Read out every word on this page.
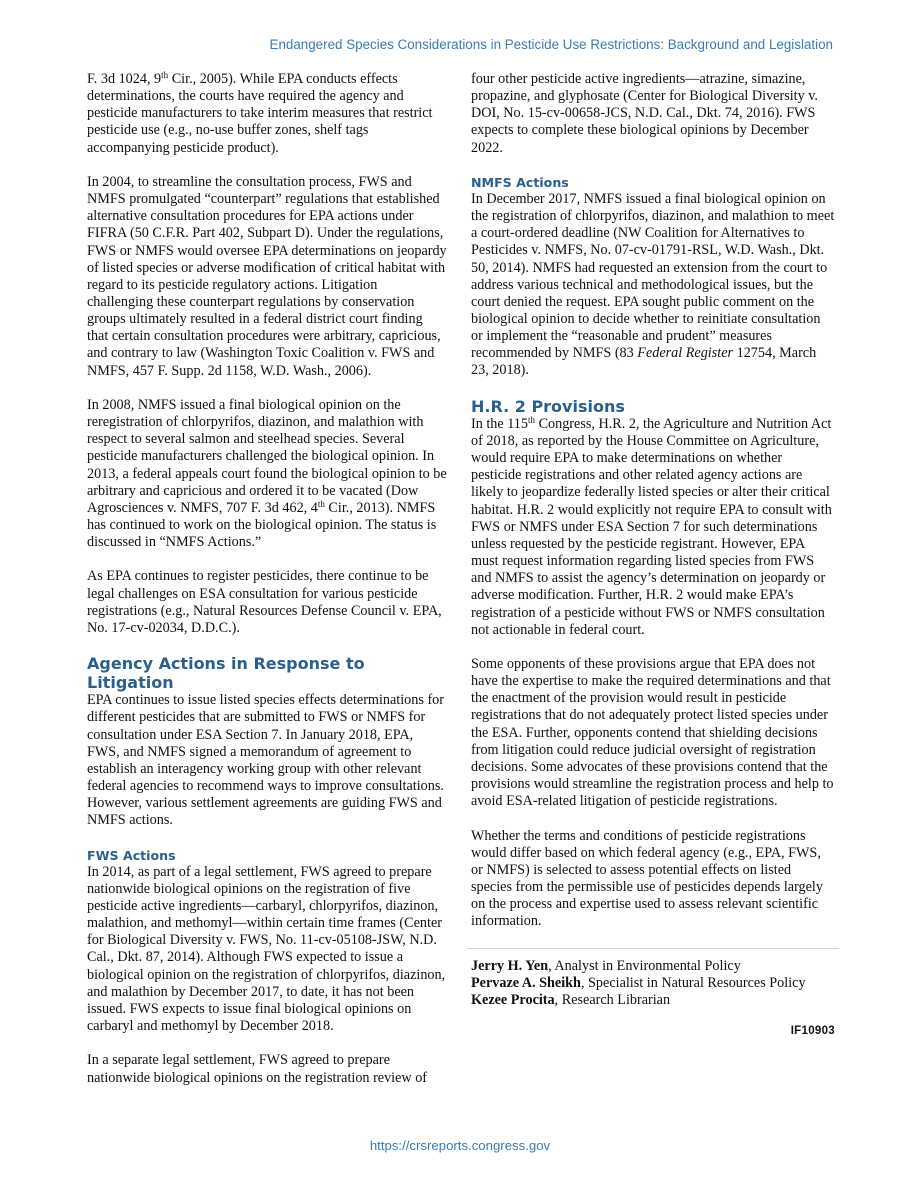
Endangered Species Considerations in Pesticide Use Restrictions: Background and Legislation

F. 3d 1024, 9th Cir., 2005). While EPA conducts effects determinations, the courts have required the agency and pesticide manufacturers to take interim measures that restrict pesticide use (e.g., no-use buffer zones, shelf tags accompanying pesticide product).

In 2004, to streamline the consultation process, FWS and NMFS promulgated “counterpart” regulations that established alternative consultation procedures for EPA actions under FIFRA (50 C.F.R. Part 402, Subpart D). Under the regulations, FWS or NMFS would oversee EPA determinations on jeopardy of listed species or adverse modification of critical habitat with regard to its pesticide regulatory actions. Litigation challenging these counterpart regulations by conservation groups ultimately resulted in a federal district court finding that certain consultation procedures were arbitrary, capricious, and contrary to law (Washington Toxic Coalition v. FWS and NMFS, 457 F. Supp. 2d 1158, W.D. Wash., 2006).

In 2008, NMFS issued a final biological opinion on the reregistration of chlorpyrifos, diazinon, and malathion with respect to several salmon and steelhead species. Several pesticide manufacturers challenged the biological opinion. In 2013, a federal appeals court found the biological opinion to be arbitrary and capricious and ordered it to be vacated (Dow Agrosciences v. NMFS, 707 F. 3d 462, 4th Cir., 2013). NMFS has continued to work on the biological opinion. The status is discussed in “NMFS Actions.”

As EPA continues to register pesticides, there continue to be legal challenges on ESA consultation for various pesticide registrations (e.g., Natural Resources Defense Council v. EPA, No. 17-cv-02034, D.D.C.).

Agency Actions in Response to Litigation

EPA continues to issue listed species effects determinations for different pesticides that are submitted to FWS or NMFS for consultation under ESA Section 7. In January 2018, EPA, FWS, and NMFS signed a memorandum of agreement to establish an interagency working group with other relevant federal agencies to recommend ways to improve consultations. However, various settlement agreements are guiding FWS and NMFS actions.

FWS Actions

In 2014, as part of a legal settlement, FWS agreed to prepare nationwide biological opinions on the registration of five pesticide active ingredients—carbaryl, chlorpyrifos, diazinon, malathion, and methomyl—within certain time frames (Center for Biological Diversity v. FWS, No. 11-cv-05108-JSW, N.D. Cal., Dkt. 87, 2014). Although FWS expected to issue a biological opinion on the registration of chlorpyrifos, diazinon, and malathion by December 2017, to date, it has not been issued. FWS expects to issue final biological opinions on carbaryl and methomyl by December 2018.

In a separate legal settlement, FWS agreed to prepare nationwide biological opinions on the registration review of

four other pesticide active ingredients—atrazine, simazine, propazine, and glyphosate (Center for Biological Diversity v. DOI, No. 15-cv-00658-JCS, N.D. Cal., Dkt. 74, 2016). FWS expects to complete these biological opinions by December 2022.

NMFS Actions

In December 2017, NMFS issued a final biological opinion on the registration of chlorpyrifos, diazinon, and malathion to meet a court-ordered deadline (NW Coalition for Alternatives to Pesticides v. NMFS, No. 07-cv-01791-RSL, W.D. Wash., Dkt. 50, 2014). NMFS had requested an extension from the court to address various technical and methodological issues, but the court denied the request. EPA sought public comment on the biological opinion to decide whether to reinitiate consultation or implement the “reasonable and prudent” measures recommended by NMFS (83 Federal Register 12754, March 23, 2018).

H.R. 2 Provisions

In the 115th Congress, H.R. 2, the Agriculture and Nutrition Act of 2018, as reported by the House Committee on Agriculture, would require EPA to make determinations on whether pesticide registrations and other related agency actions are likely to jeopardize federally listed species or alter their critical habitat. H.R. 2 would explicitly not require EPA to consult with FWS or NMFS under ESA Section 7 for such determinations unless requested by the pesticide registrant. However, EPA must request information regarding listed species from FWS and NMFS to assist the agency’s determination on jeopardy or adverse modification. Further, H.R. 2 would make EPA’s registration of a pesticide without FWS or NMFS consultation not actionable in federal court.

Some opponents of these provisions argue that EPA does not have the expertise to make the required determinations and that the enactment of the provision would result in pesticide registrations that do not adequately protect listed species under the ESA. Further, opponents contend that shielding decisions from litigation could reduce judicial oversight of registration decisions. Some advocates of these provisions contend that the provisions would streamline the registration process and help to avoid ESA-related litigation of pesticide registrations.

Whether the terms and conditions of pesticide registrations would differ based on which federal agency (e.g., EPA, FWS, or NMFS) is selected to assess potential effects on listed species from the permissible use of pesticides depends largely on the process and expertise used to assess relevant scientific information.

Jerry H. Yen, Analyst in Environmental Policy
Pervaze A. Sheikh, Specialist in Natural Resources Policy
Kezee Procita, Research Librarian
IF10903
https://crsreports.congress.gov
